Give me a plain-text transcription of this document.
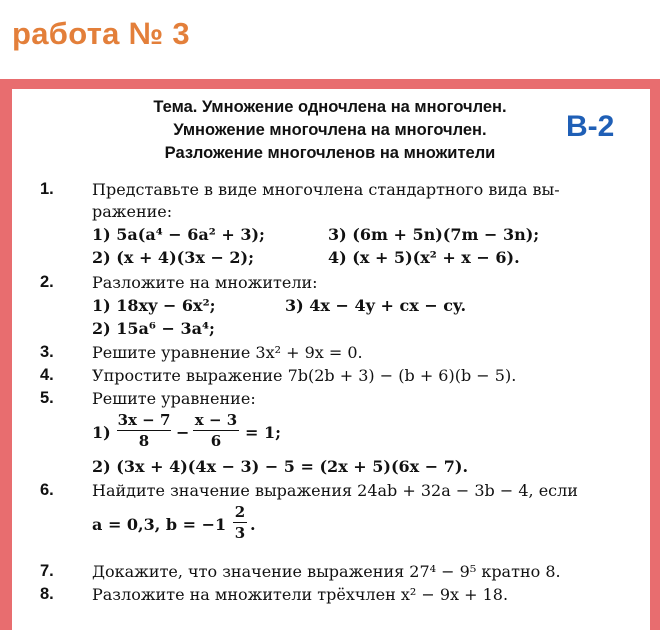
работа № 3
Тема. Умножение одночлена на многочлен.
Умножение многочлена на многочлен.
Разложение многочленов на множители
В-2
1. Представьте в виде многочлена стандартного вида вы-
ражение:
1) 5a(a⁴ − 6a² + 3);	3) (6m + 5n)(7m − 3n);
2) (x + 4)(3x − 2);	4) (x + 5)(x² + x − 6).
2. Разложите на множители:
1) 18xy − 6x²;	3) 4x − 4y + cx − cy.
2) 15a⁶ − 3a⁴;
3. Решите уравнение 3x² + 9x = 0.
4. Упростите выражение 7b(2b + 3) − (b + 6)(b − 5).
5. Решите уравнение:
1)
3x − 7
8	−
x − 3
6	= 1;
2) (3x + 4)(4x − 3) − 5 = (2x + 5)(6x − 7).
6. Найдите значение выражения 24ab + 32a − 3b − 4, если
a = 0,3, b = −1
2
3 .
7. Докажите, что значение выражения 27⁴ − 9⁵ кратно 8.
8. Разложите на множители трёхчлен x² − 9x + 18.
